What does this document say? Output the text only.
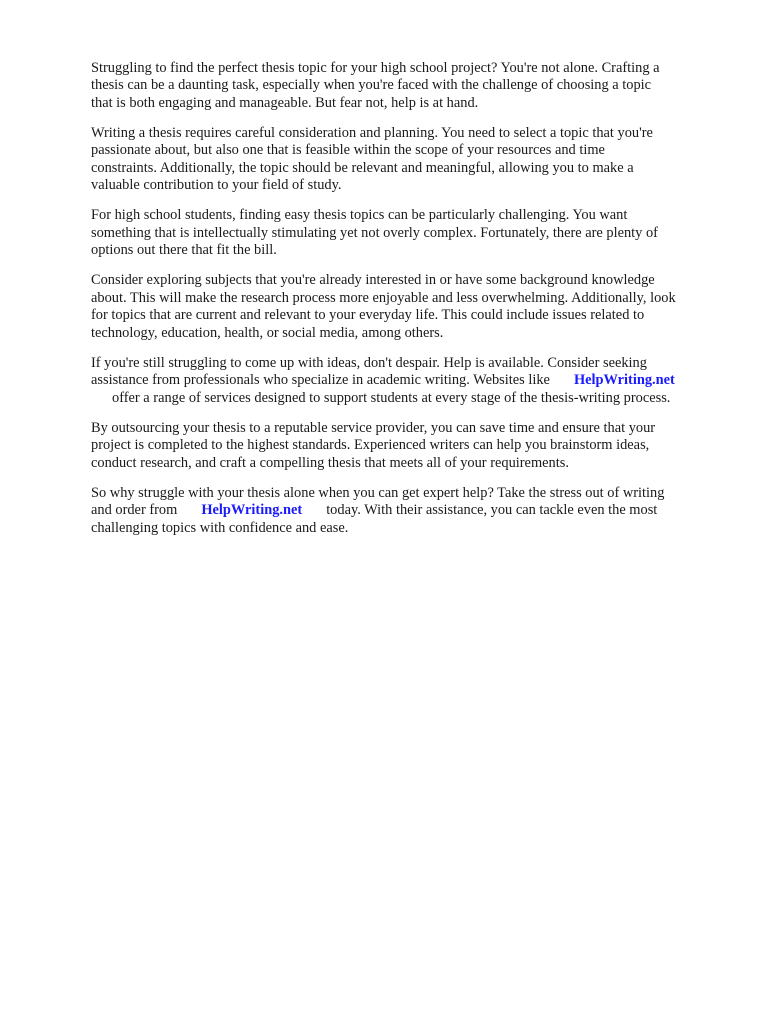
Struggling to find the perfect thesis topic for your high school project? You're not alone. Crafting a
thesis can be a daunting task, especially when you're faced with the challenge of choosing a topic
that is both engaging and manageable. But fear not, help is at hand.

Writing a thesis requires careful consideration and planning. You need to select a topic that you're
passionate about, but also one that is feasible within the scope of your resources and time
constraints. Additionally, the topic should be relevant and meaningful, allowing you to make a
valuable contribution to your field of study.

For high school students, finding easy thesis topics can be particularly challenging. You want
something that is intellectually stimulating yet not overly complex. Fortunately, there are plenty of
options out there that fit the bill.

Consider exploring subjects that you're already interested in or have some background knowledge
about. This will make the research process more enjoyable and less overwhelming. Additionally, look
for topics that are current and relevant to your everyday life. This could include issues related to
technology, education, health, or social media, among others.

If you're still struggling to come up with ideas, don't despair. Help is available. Consider seeking
assistance from professionals who specialize in academic writing. Websites like HelpWriting.net
offer a range of services designed to support students at every stage of the thesis-writing process.

By outsourcing your thesis to a reputable service provider, you can save time and ensure that your
project is completed to the highest standards. Experienced writers can help you brainstorm ideas,
conduct research, and craft a compelling thesis that meets all of your requirements.

So why struggle with your thesis alone when you can get expert help? Take the stress out of writing
and order from HelpWriting.net today. With their assistance, you can tackle even the most
challenging topics with confidence and ease.
